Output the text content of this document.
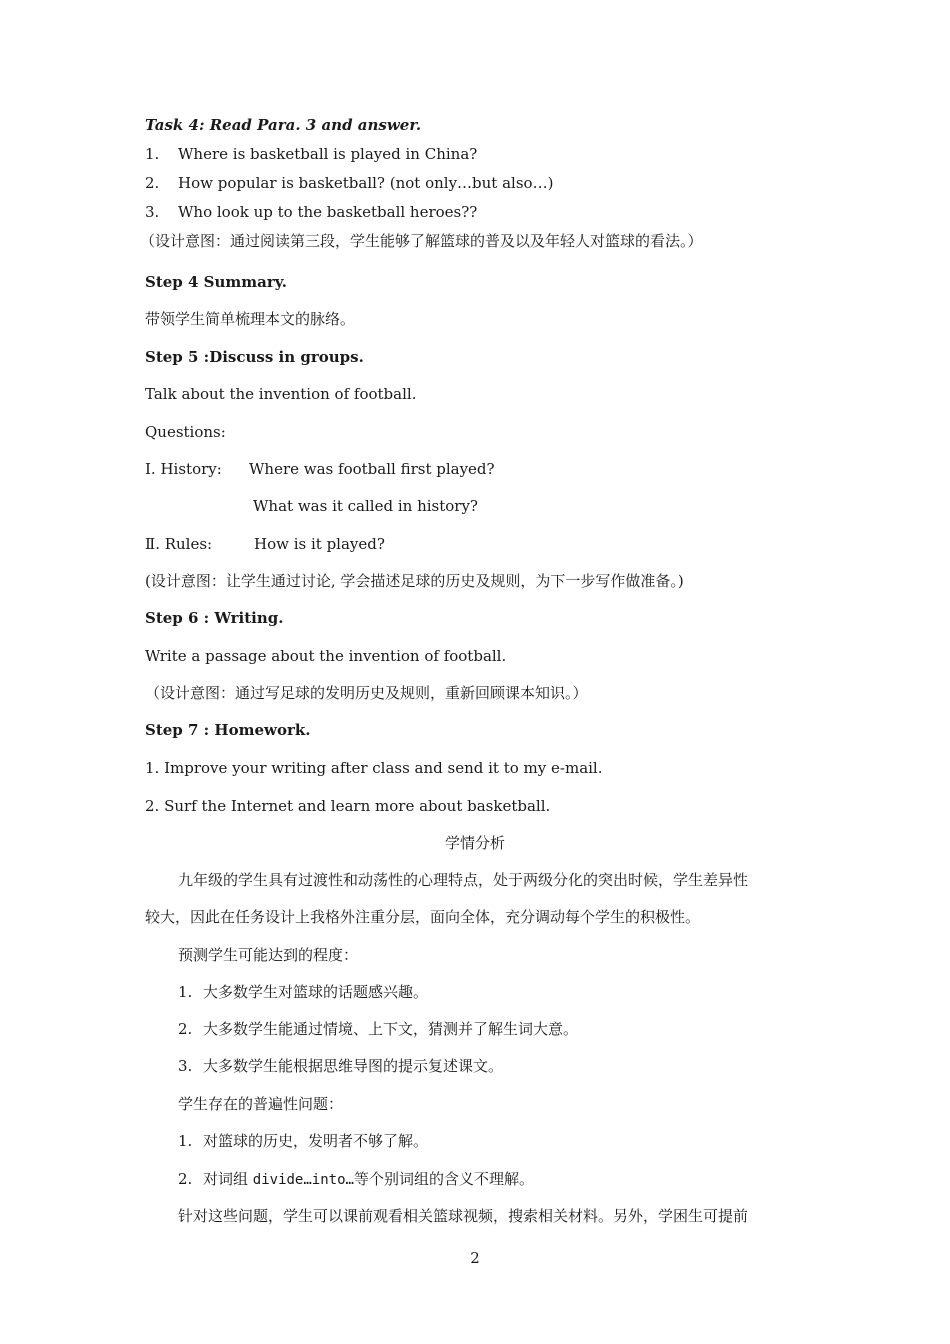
Task 4: Read Para. 3 and answer.
1. Where is basketball is played in China?
2. How popular is basketball? (not only…but also…)
3. Who look up to the basketball heroes??
（设计意图：通过阅读第三段，学生能够了解篮球的普及以及年轻人对篮球的看法。）
Step 4 Summary.
带领学生简单梳理本文的脉络。
Step 5 :Discuss in groups.
Talk about the invention of football.
Questions:
Ⅰ. History: Where was football first played?
What was it called in history?
Ⅱ. Rules:	How is it played?
(设计意图：让学生通过讨论, 学会描述足球的历史及规则，为下一步写作做准备。)
Step 6 : Writing.
Write a passage about the invention of football.
（设计意图：通过写足球的发明历史及规则，重新回顾课本知识。）
Step 7 : Homework.
1. Improve your writing after class and send it to my e-mail.
2. Surf the Internet and learn more about basketball.
学情分析
九年级的学生具有过渡性和动荡性的心理特点，处于两级分化的突出时候，学生差异性
较大，因此在任务设计上我格外注重分层，面向全体，充分调动每个学生的积极性。
预测学生可能达到的程度：
1. 大多数学生对篮球的话题感兴趣。
2. 大多数学生能通过情境、上下文，猜测并了解生词大意。
3. 大多数学生能根据思维导图的提示复述课文。
学生存在的普遍性问题：
1. 对篮球的历史，发明者不够了解。
2. 对词组 divide…into…等个别词组的含义不理解。
针对这些问题，学生可以课前观看相关篮球视频，搜索相关材料。另外，学困生可提前
2
